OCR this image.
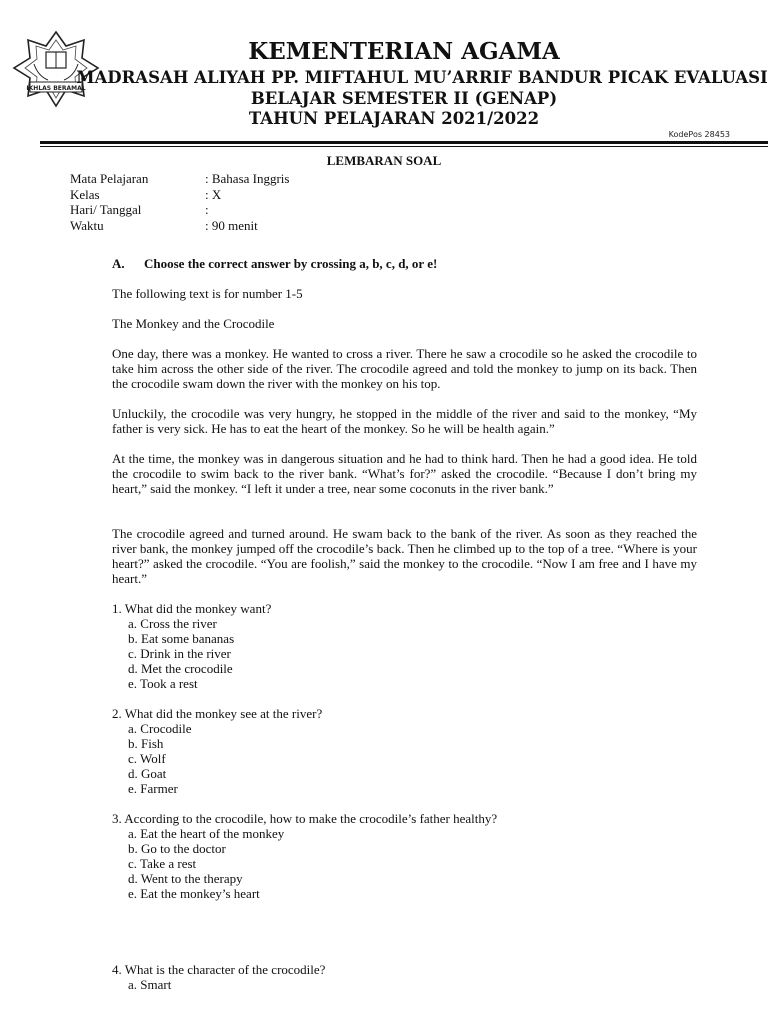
IKHLAS BERAMAL
KEMENTERIAN AGAMA
MADRASAH ALIYAH PP. MIFTAHUL MU’ARRIF BANDUR PICAK EVALUASI
BELAJAR SEMESTER II (GENAP)
TAHUN PELAJARAN 2021/2022
KodePos 28453
LEMBARAN SOAL
Mata Pelajaran	: Bahasa Inggris
Kelas	: X
Hari/ Tanggal	:
Waktu	: 90 menit
A. Choose the correct answer by crossing a, b, c, d, or e!
The following text is for number 1-5
The Monkey and the Crocodile
One day, there was a monkey. He wanted to cross a river. There he saw a crocodile so he asked the crocodile to take him across the other side of the river. The crocodile agreed and told the monkey to jump on its back. Then the crocodile swam down the river with the monkey on his top.
Unluckily, the crocodile was very hungry, he stopped in the middle of the river and said to the monkey, “My father is very sick. He has to eat the heart of the monkey. So he will be health again.”
At the time, the monkey was in dangerous situation and he had to think hard. Then he had a good idea. He told the crocodile to swim back to the river bank. “What’s for?” asked the crocodile. “Because I don’t bring my heart,” said the monkey. “I left it under a tree, near some coconuts in the river bank.”
The crocodile agreed and turned around. He swam back to the bank of the river. As soon as they reached the river bank, the monkey jumped off the crocodile’s back. Then he climbed up to the top of a tree. “Where is your heart?” asked the crocodile. “You are foolish,” said the monkey to the crocodile. “Now I am free and I have my heart.”
1. What did the monkey want?
a. Cross the river
b. Eat some bananas
c. Drink in the river
d. Met the crocodile
e. Took a rest
2. What did the monkey see at the river?
a. Crocodile
b. Fish
c. Wolf
d. Goat
e. Farmer
3. According to the crocodile, how to make the crocodile’s father healthy?
a. Eat the heart of the monkey
b. Go to the doctor
c. Take a rest
d. Went to the therapy
e. Eat the monkey’s heart
4. What is the character of the crocodile?
a. Smart
